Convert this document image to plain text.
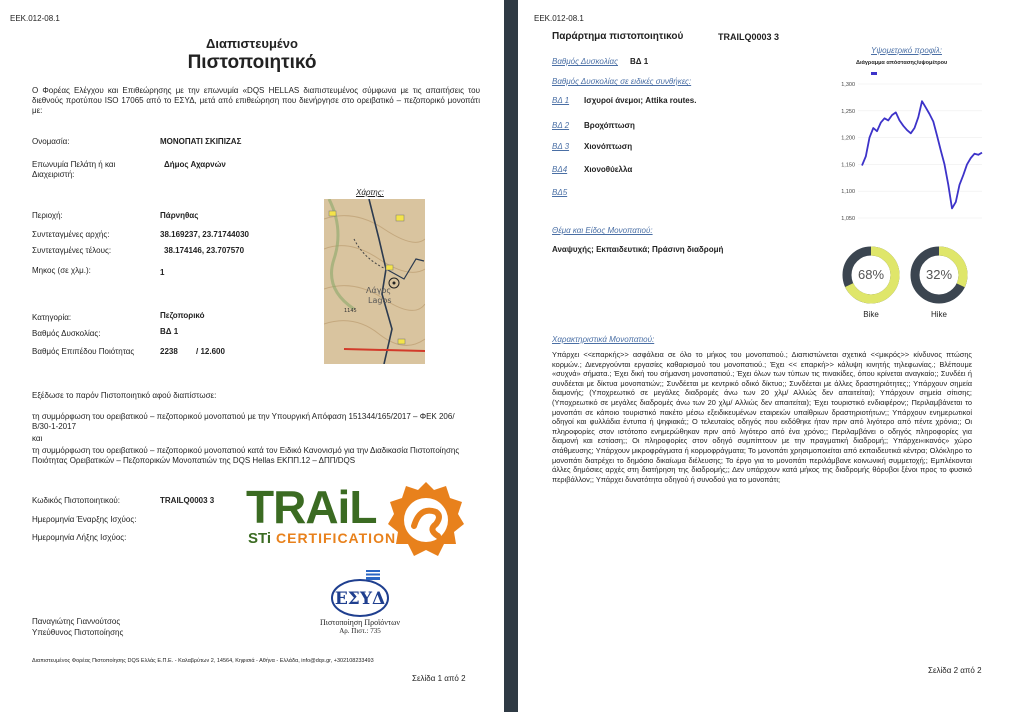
ΕΕΚ.012-08.1
Διαπιστευμένο
Πιστοποιητικό
Ο Φορέας Ελέγχου και Επιθεώρησης με την επωνυμία «DQS HELLAS διαπιστευμένος σύμφωνα με τις απαιτήσεις του διεθνούς προτύπου ISO 17065 από το ΕΣΥΔ, μετά από επιθεώρηση που διενήργησε στο ορειβατικό – πεζοπορικό μονοπάτι με:
Ονομασία:	ΜΟΝΟΠΑΤΙ ΣΚΙΠΙΖΑΣ
Επωνυμία Πελάτη ή και Διαχειριστή:
Δήμος Αχαρνών
Χάρτης:
Λάγος
Lagos
1145
Περιοχή:	Πάρνηθας
Συντεταγμένες αρχής:	38.169237, 23.71744030
Συντεταγμένες τέλους:	38.174146, 23.707570
Μηκος (σε χλμ.):	1
Κατηγορία:	Πεζοπορικό
Βαθμός Δυσκολίας:	ΒΔ 1
Βαθμός Επιπέδου Ποιότητας	2238 / 12.600
Εξέδωσε το παρόν Πιστοποιητικό αφού διαπίστωσε:
τη συμμόρφωση του ορειβατικού – πεζοπορικού μονοπατιού με την Υπουργική Απόφαση 151344/165/2017 – ΦΕΚ 206/Β/30-1-2017
και
τη συμμόρφωση του ορειβατικού – πεζοπορικού μονοπατιού κατά τον Ειδικό Κανονισμό για την Διαδικασία Πιστοποίησης Ποιότητας Ορειβατικών – Πεζοπορικών Μονοπατιών της DQS Hellas ΕΚΠΠ.12 – ΔΠΠ/DQS
Κωδικός Πιστοποιητικού:	TRAILQ0003 3
Ημερομηνία Έναρξης Ισχύος:
Ημερομηνία Λήξης Ισχύος:
TRAiL
STi CERTIFICATION
ΕΣΥΔ
Πιστοποίηση Προϊόντων
Αρ. Πιστ.: 735
Παναγιώτης Γιαννούτσος
Υπεύθυνος Πιστοποίησης
Διαπιστευμένος Φορέας Πιστοποίησης DQS Ελλάς Ε.Π.Ε. - Καλαβρύτων 2, 14564, Κηφισιά - Αθήνα - Ελλάδα, info@dqs.gr, +302108233493
Σελίδα 1 από 2
ΕΕΚ.012-08.1
Παράρτημα πιστοποιητικού	TRAILQ0003 3
Βαθμός Δυσκολίας ΒΔ 1
Βαθμός Δυσκολίας σε ειδικές συνθήκες:
ΒΔ 1 Ισχυροί άνεμοι; Attika routes.
ΒΔ 2 Βροχόπτωση
ΒΔ 3 Χιονόπτωση
ΒΔ4 Χιονοθύελλα
ΒΔ5
Θέμα και Είδος Μονοπατιού:
Αναψυχής; Εκπαιδευτικά; Πράσινη διαδρομή
Υψομετρικό προφίλ:
Διάγραμμα απόστασης/υψομέτρου
1,300
1,250
1,200
1,150
1,100
1,050
68%
Bike
32%
Hike
Χαρακτηριστικά Μονοπατιού:
Υπάρχει <<επαρκής>> ασφάλεια σε όλο το μήκος του μονοπατιού.; Διαπιστώνεται σχετικά <<μικρός>> κίνδυνος πτώσης κορμών.; Διενεργούνται εργασίες καθαρισμού του μονοπατιού.; Έχει << επαρκή>> κάλυψη κινητής τηλεφωνίας.; Βλέπουμε «συχνά» σήματα.; Έχει δική του σήμανση μονοπατιού.; Έχει όλων των τύπων τις πινακίδες, όπου κρίνεται αναγκαίο;; Συνδέει ή συνδέεται με δίκτυα μονοπατιών;; Συνδέεται με κεντρικό οδικό δίκτυο;; Συνδέεται με άλλες δραστηριότητες;; Υπάρχουν σημεία διαμονής; (Υποχρεωτικό σε μεγάλες διαδρομές άνω των 20 χλμ/ Αλλιώς δεν απαιτείται); Υπάρχουν σημεία σίτισης; (Υποχρεωτικό σε μεγάλες διαδρομές άνω των 20 χλμ/ Αλλιώς δεν απαιτείται); Έχει τουριστικό ενδιαφέρον;; Περιλαμβάνεται το μονοπάτι σε κάποιο τουριστικό πακέτο μέσω εξειδικευμένων εταιρειών υπαίθριων δραστηριοτήτων;; Υπάρχουν ενημερωτικοί οδηγοί και φυλλάδια έντυπα ή ψηφιακά;; Ο τελευταίος οδηγός που εκδόθηκε ήταν πριν από λιγότερο από πέντε χρόνια;; Οι πληροφορίες στον ιστότοπο ενημερώθηκαν πριν από λιγότερο από ένα χρόνο;; Περιλαμβάνει ο οδηγός πληροφορίες για διαμονή και εστίαση;; Οι πληροφορίες στον οδηγό συμπίπτουν με την πραγματική διαδρομή;; Υπάρχει«ικανός» χώρο στάθμευσης; Υπάρχουν μικροφράγματα ή κορμοφράγματα; Το μονοπάτι χρησιμοποιείται από εκπαιδευτικά κέντρα; Ολόκληρο το μονοπάτι διατρέχει το δημόσιο δικαίωμα διέλευσης; Το έργο για το μονοπάτι περιλάμβανε κοινωνική συμμετοχή;; Εμπλέκονται άλλες δημόσιες αρχές στη διατήρηση της διαδρομής;; Δεν υπάρχουν κατά μήκος της διαδρομής θόρυβοι ξένοι προς το φυσικό περιβάλλον;; Υπάρχει δυνατότητα οδηγού ή συνοδού για το μονοπάτι;
Σελίδα 2 από 2
